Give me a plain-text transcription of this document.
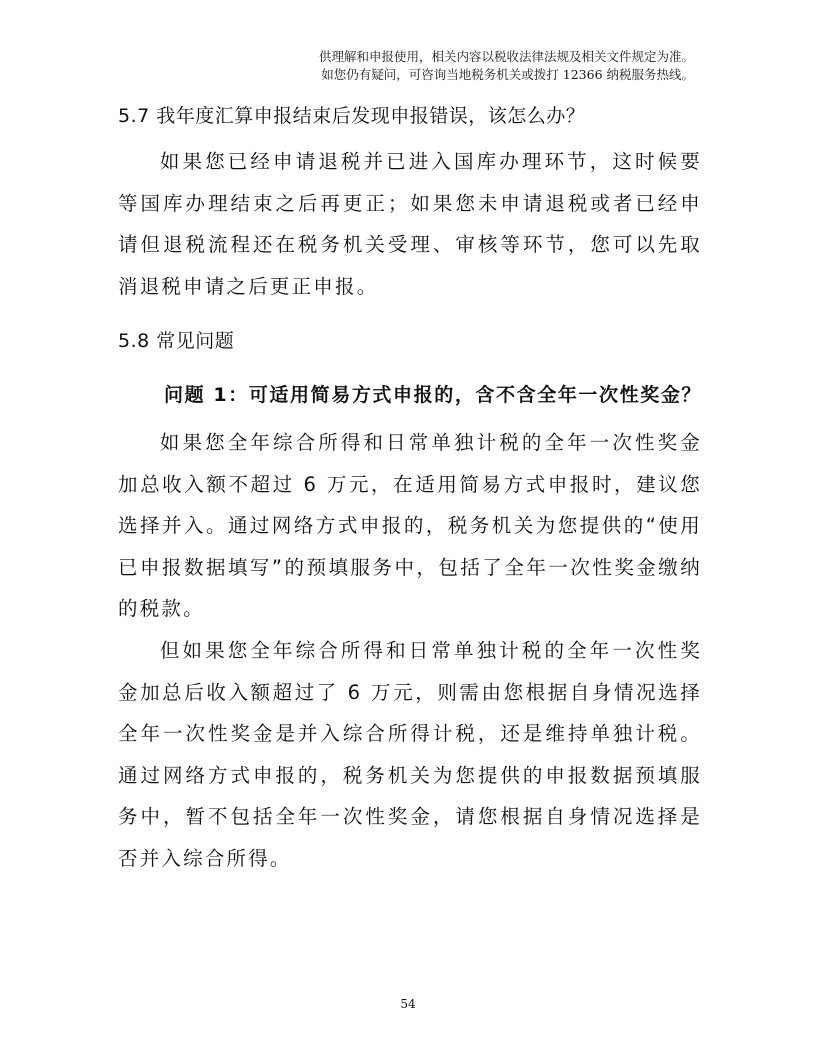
供理解和申报使用，相关内容以税收法律法规及相关文件规定为准。
如您仍有疑问，可咨询当地税务机关或拨打 12366 纳税服务热线。
5.7 我年度汇算申报结束后发现申报错误，该怎么办？
如果您已经申请退税并已进入国库办理环节，这时候要等国库办理结束之后再更正；如果您未申请退税或者已经申请但退税流程还在税务机关受理、审核等环节，您可以先取消退税申请之后更正申报。
5.8 常见问题
问题 1：可适用简易方式申报的，含不含全年一次性奖金？
如果您全年综合所得和日常单独计税的全年一次性奖金加总收入额不超过 6 万元，在适用简易方式申报时，建议您选择并入。通过网络方式申报的，税务机关为您提供的“使用已申报数据填写”的预填服务中，包括了全年一次性奖金缴纳的税款。
但如果您全年综合所得和日常单独计税的全年一次性奖金加总后收入额超过了 6 万元，则需由您根据自身情况选择全年一次性奖金是并入综合所得计税，还是维持单独计税。通过网络方式申报的，税务机关为您提供的申报数据预填服务中，暂不包括全年一次性奖金，请您根据自身情况选择是否并入综合所得。
54
